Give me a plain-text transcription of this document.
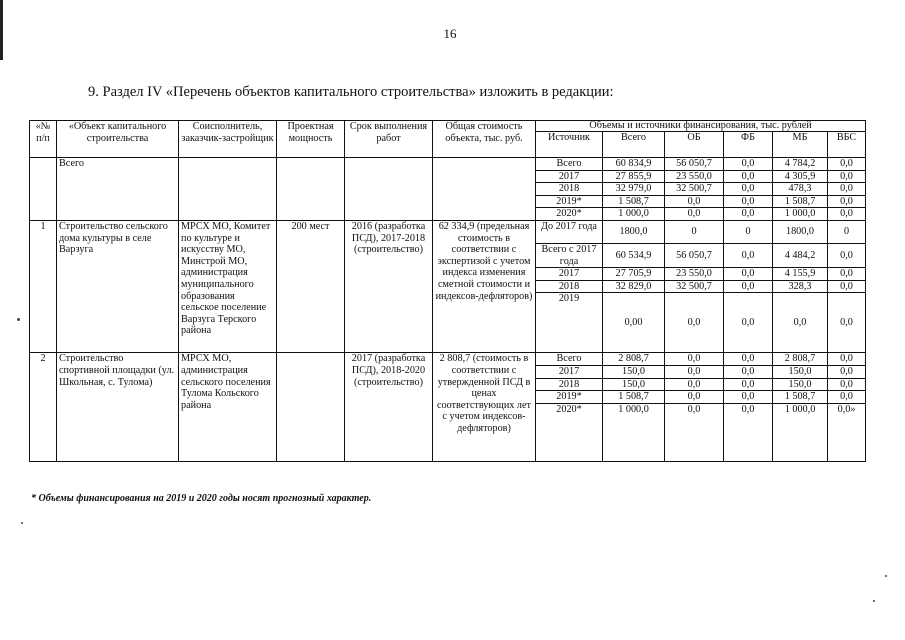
16
9. Раздел IV «Перечень объектов капитального строительства» изложить в редакции:
«№ п/п	«Объект капитального строительства	Соисполнитель, заказчик-застройщик	Проектная мощность	Срок выполнения работ	Общая стоимость объекта, тыс. руб.	Объемы и источники финансирования, тыс. рублей					
						Источник	Всего	ОБ	ФБ	МБ	ВБС
	Всего					Всего	60 834,9	56 050,7	0,0	4 784,2	0,0
						2017	27 855,9	23 550,0	0,0	4 305,9	0,0
						2018	32 979,0	32 500,7	0,0	478,3	0,0
						2019*	1 508,7	0,0	0,0	1 508,7	0,0
						2020*	1 000,0	0,0	0,0	1 000,0	0,0
1	Строительство сельского дома культуры в селе Варзуга	МРСХ МО, Комитет по культуре и искусству МО, Минстрой МО, администрация муниципального образования сельское поселение Варзуга Терского района	200 мест	2016 (разработка ПСД), 2017-2018 (строительство)	62 334,9 (предельная стоимость в соответствии с экспертизой с учетом индекса изменения сметной стоимости и индексов-дефляторов)	До 2017 года	1800,0	0	0	1800,0	0
						Всего с 2017 года	60 534,9	56 050,7	0,0	4 484,2	0,0
						2017	27 705,9	23 550,0	0,0	4 155,9	0,0
						2018	32 829,0	32 500,7	0,0	328,3	0,0
						2019	0,00	0,0	0,0	0,0	0,0
2	Строительство спортивной площадки (ул. Школьная, с. Тулома)	МРСХ МО, администрация сельского поселения Тулома Кольского района		2017 (разработка ПСД), 2018-2020 (строительство)	2 808,7 (стоимость в соответствии с утвержденной ПСД в ценах соответствующих лет с учетом индексов-дефляторов)	Всего	2 808,7	0,0	0,0	2 808,7	0,0
						2017	150,0	0,0	0,0	150,0	0,0
						2018	150,0	0,0	0,0	150,0	0,0
						2019*	1 508,7	0,0	0,0	1 508,7	0,0
						2020*	1 000,0	0,0	0,0	1 000,0	0,0»
* Объемы финансирования на 2019 и 2020 годы носят прогнозный характер.
